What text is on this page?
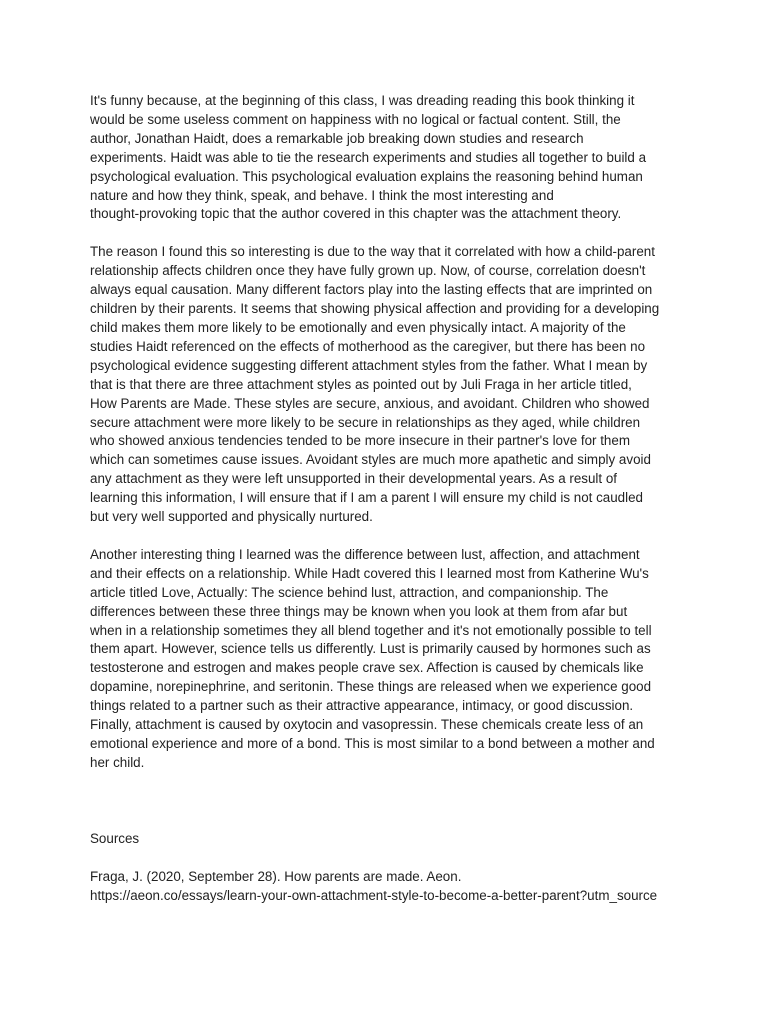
It's funny because, at the beginning of this class, I was dreading reading this book thinking it
would be some useless comment on happiness with no logical or factual content. Still, the
author, Jonathan Haidt, does a remarkable job breaking down studies and research
experiments. Haidt was able to tie the research experiments and studies all together to build a
psychological evaluation. This psychological evaluation explains the reasoning behind human
nature and how they think, speak, and behave. I think the most interesting and
thought-provoking topic that the author covered in this chapter was the attachment theory.
The reason I found this so interesting is due to the way that it correlated with how a child-parent
relationship affects children once they have fully grown up. Now, of course, correlation doesn't
always equal causation. Many different factors play into the lasting effects that are imprinted on
children by their parents. It seems that showing physical affection and providing for a developing
child makes them more likely to be emotionally and even physically intact. A majority of the
studies Haidt referenced on the effects of motherhood as the caregiver, but there has been no
psychological evidence suggesting different attachment styles from the father. What I mean by
that is that there are three attachment styles as pointed out by Juli Fraga in her article titled,
How Parents are Made. These styles are secure, anxious, and avoidant. Children who showed
secure attachment were more likely to be secure in relationships as they aged, while children
who showed anxious tendencies tended to be more insecure in their partner's love for them
which can sometimes cause issues. Avoidant styles are much more apathetic and simply avoid
any attachment as they were left unsupported in their developmental years. As a result of
learning this information, I will ensure that if I am a parent I will ensure my child is not caudled
but very well supported and physically nurtured.
Another interesting thing I learned was the difference between lust, affection, and attachment
and their effects on a relationship. While Hadt covered this I learned most from Katherine Wu's
article titled Love, Actually: The science behind lust, attraction, and companionship. The
differences between these three things may be known when you look at them from afar but
when in a relationship sometimes they all blend together and it's not emotionally possible to tell
them apart. However, science tells us differently. Lust is primarily caused by hormones such as
testosterone and estrogen and makes people crave sex. Affection is caused by chemicals like
dopamine, norepinephrine, and seritonin. These things are released when we experience good
things related to a partner such as their attractive appearance, intimacy, or good discussion.
Finally, attachment is caused by oxytocin and vasopressin. These chemicals create less of an
emotional experience and more of a bond. This is most similar to a bond between a mother and
her child.
Sources
Fraga, J. (2020, September 28). How parents are made. Aeon.
https://aeon.co/essays/learn-your-own-attachment-style-to-become-a-better-parent?utm_source
